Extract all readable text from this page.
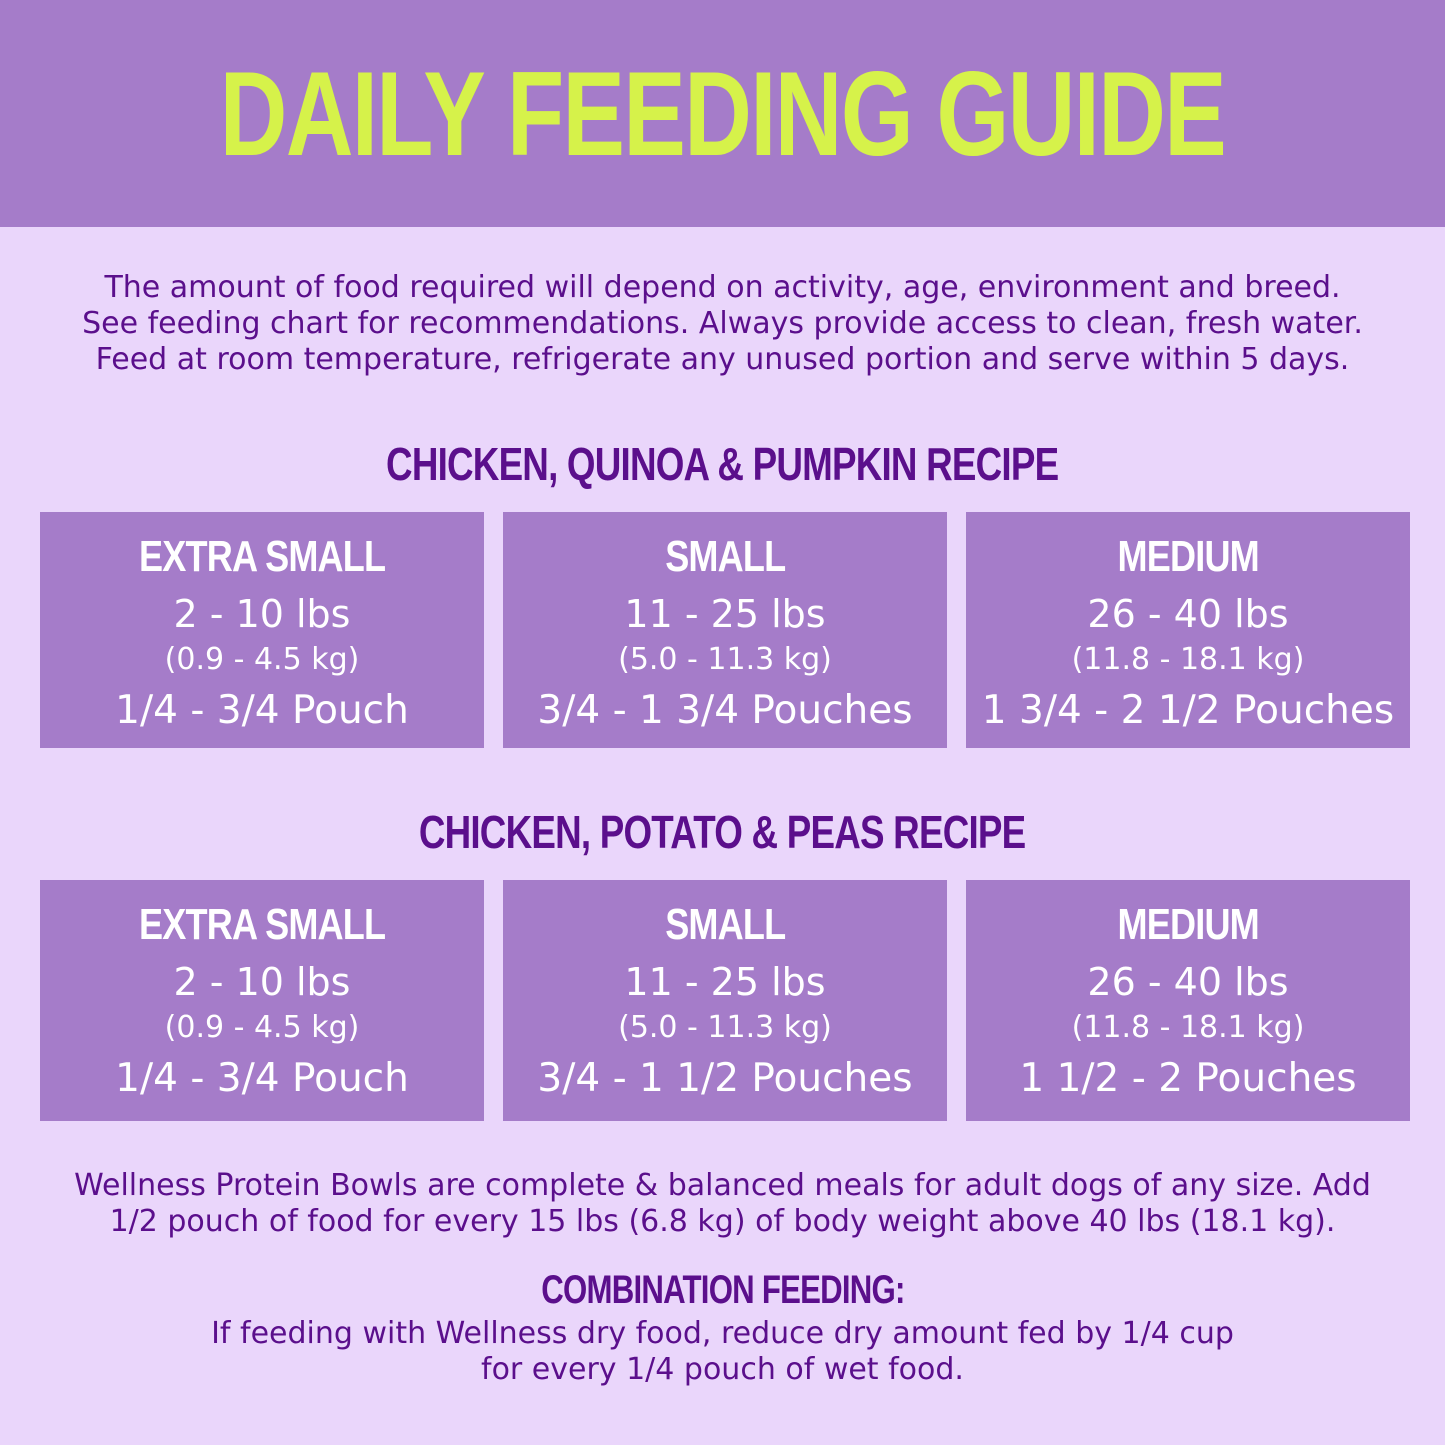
DAILY FEEDING GUIDE
The amount of food required will depend on activity, age, environment and breed.
See feeding chart for recommendations. Always provide access to clean, fresh water.
Feed at room temperature, refrigerate any unused portion and serve within 5 days.
CHICKEN, QUINOA & PUMPKIN RECIPE
EXTRA SMALL
2 - 10 lbs
(0.9 - 4.5 kg)
1/4 - 3/4 Pouch
SMALL
11 - 25 lbs
(5.0 - 11.3 kg)
3/4 - 1 3/4 Pouches
MEDIUM
26 - 40 lbs
(11.8 - 18.1 kg)
1 3/4 - 2 1/2 Pouches
CHICKEN, POTATO & PEAS RECIPE
EXTRA SMALL
2 - 10 lbs
(0.9 - 4.5 kg)
1/4 - 3/4 Pouch
SMALL
11 - 25 lbs
(5.0 - 11.3 kg)
3/4 - 1 1/2 Pouches
MEDIUM
26 - 40 lbs
(11.8 - 18.1 kg)
1 1/2 - 2 Pouches
Wellness Protein Bowls are complete & balanced meals for adult dogs of any size. Add
1/2 pouch of food for every 15 lbs (6.8 kg) of body weight above 40 lbs (18.1 kg).
COMBINATION FEEDING:
If feeding with Wellness dry food, reduce dry amount fed by 1/4 cup
for every 1/4 pouch of wet food.
